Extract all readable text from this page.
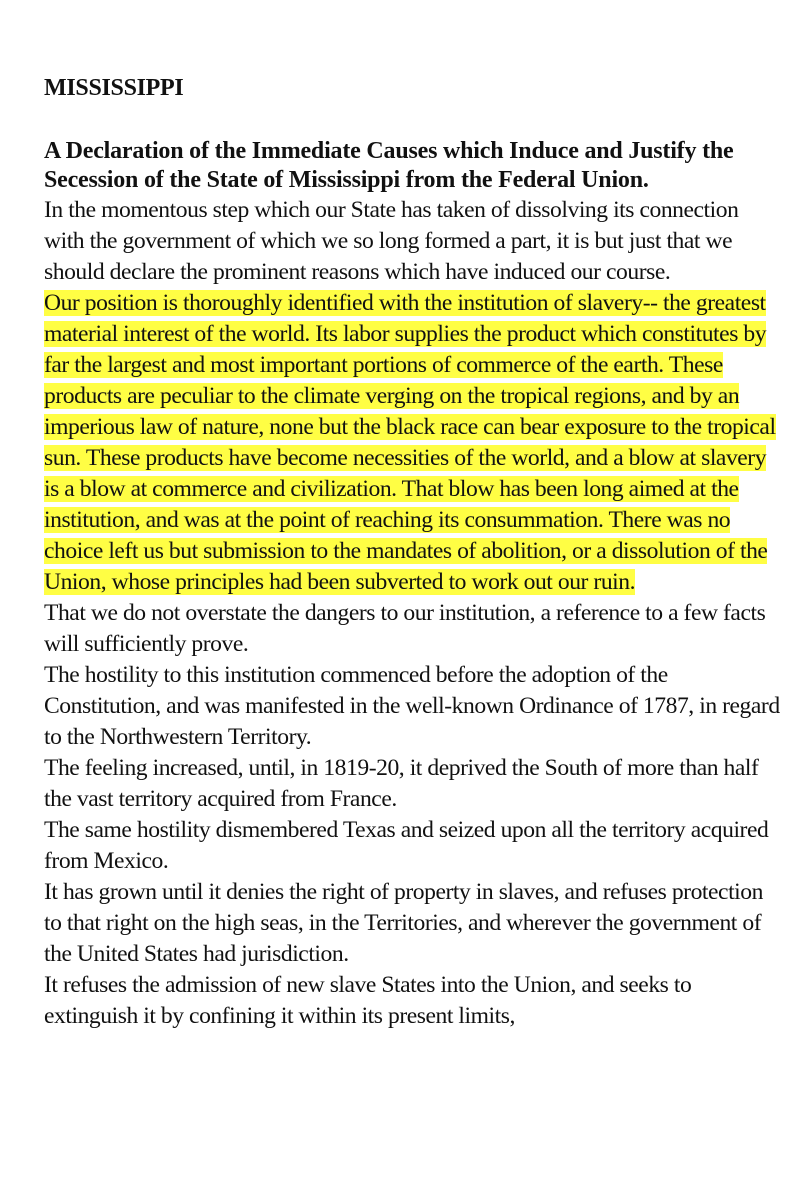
MISSISSIPPI
A Declaration of the Immediate Causes which Induce and Justify the Secession of the State of Mississippi from the Federal Union.

In the momentous step which our State has taken of dissolving its connection with the government of which we so long formed a part, it is but just that we should declare the prominent reasons which have induced our course.

Our position is thoroughly identified with the institution of slavery-- the greatest material interest of the world. Its labor supplies the product which constitutes by far the largest and most important portions of commerce of the earth. These products are peculiar to the climate verging on the tropical regions, and by an imperious law of nature, none but the black race can bear exposure to the tropical sun. These products have become necessities of the world, and a blow at slavery is a blow at commerce and civilization. That blow has been long aimed at the institution, and was at the point of reaching its consummation. There was no choice left us but submission to the mandates of abolition, or a dissolution of the Union, whose principles had been subverted to work out our ruin.

That we do not overstate the dangers to our institution, a reference to a few facts will sufficiently prove.

The hostility to this institution commenced before the adoption of the Constitution, and was manifested in the well-known Ordinance of 1787, in regard to the Northwestern Territory.

The feeling increased, until, in 1819-20, it deprived the South of more than half the vast territory acquired from France.

The same hostility dismembered Texas and seized upon all the territory acquired from Mexico.

It has grown until it denies the right of property in slaves, and refuses protection to that right on the high seas, in the Territories, and wherever the government of the United States had jurisdiction.

It refuses the admission of new slave States into the Union, and seeks to extinguish it by confining it within its present limits,
